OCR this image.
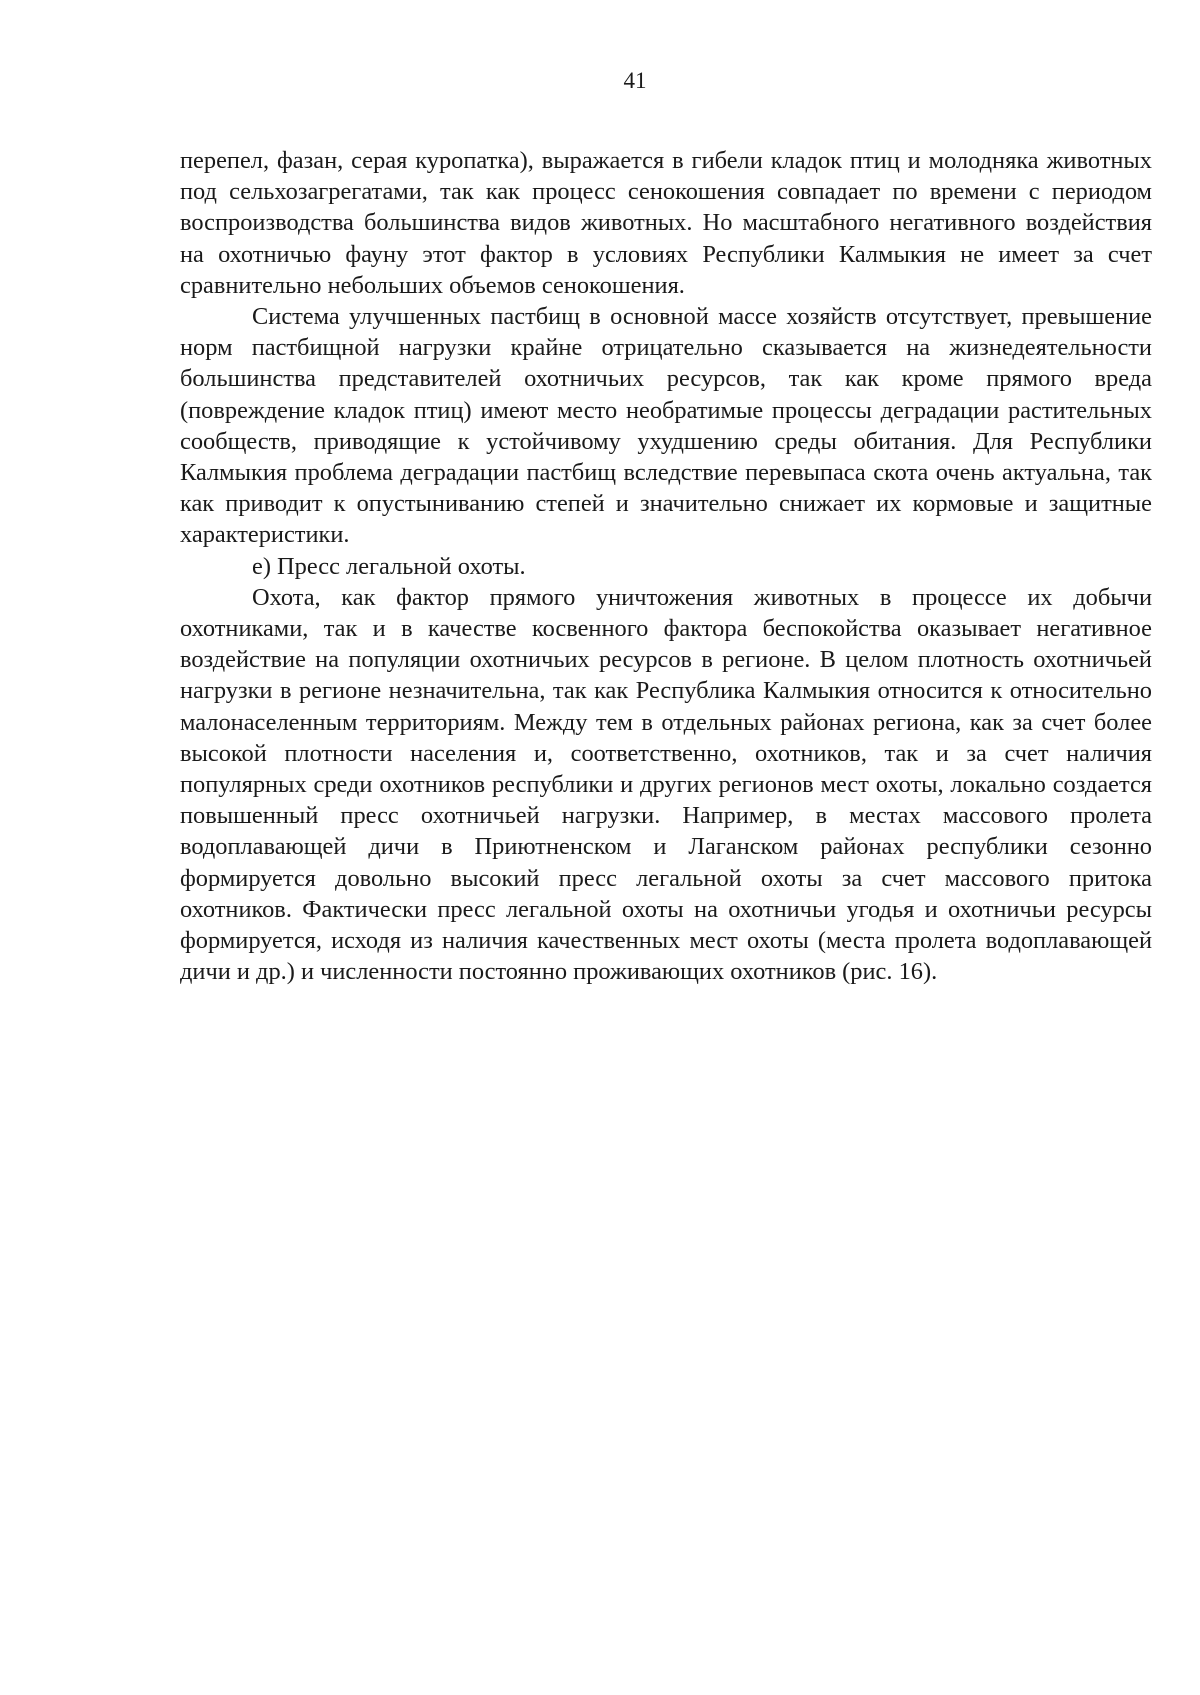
41

перепел, фазан, серая куропатка), выражается в гибели кладок птиц и молодняка животных под сельхозагрегатами, так как процесс сенокошения совпадает по времени с периодом воспроизводства большинства видов животных. Но масштабного негативного воздействия на охотничью фауну этот фактор в условиях Республики Калмыкия не имеет за счет сравнительно небольших объемов сенокошения.

Система улучшенных пастбищ в основной массе хозяйств отсутствует, превышение норм пастбищной нагрузки крайне отрицательно сказывается на жизнедеятельности большинства представителей охотничьих ресурсов, так как кроме прямого вреда (повреждение кладок птиц) имеют место необратимые процессы деградации растительных сообществ, приводящие к устойчивому ухудшению среды обитания. Для Республики Калмыкия проблема деградации пастбищ вследствие перевыпаса скота очень актуальна, так как приводит к опустыниванию степей и значительно снижает их кормовые и защитные характеристики.

е) Пресс легальной охоты.

Охота, как фактор прямого уничтожения животных в процессе их добычи охотниками, так и в качестве косвенного фактора беспокойства оказывает негативное воздействие на популяции охотничьих ресурсов в регионе. В целом плотность охотничьей нагрузки в регионе незначительна, так как Республика Калмыкия относится к относительно малонаселенным территориям. Между тем в отдельных районах региона, как за счет более высокой плотности населения и, соответственно, охотников, так и за счет наличия популярных среди охотников республики и других регионов мест охоты, локально создается повышенный пресс охотничьей нагрузки. Например, в местах массового пролета водоплавающей дичи в Приютненском и Лаганском районах республики сезонно формируется довольно высокий пресс легальной охоты за счет массового притока охотников. Фактически пресс легальной охоты на охотничьи угодья и охотничьи ресурсы формируется, исходя из наличия качественных мест охоты (места пролета водоплавающей дичи и др.) и численности постоянно проживающих охотников (рис. 16).
